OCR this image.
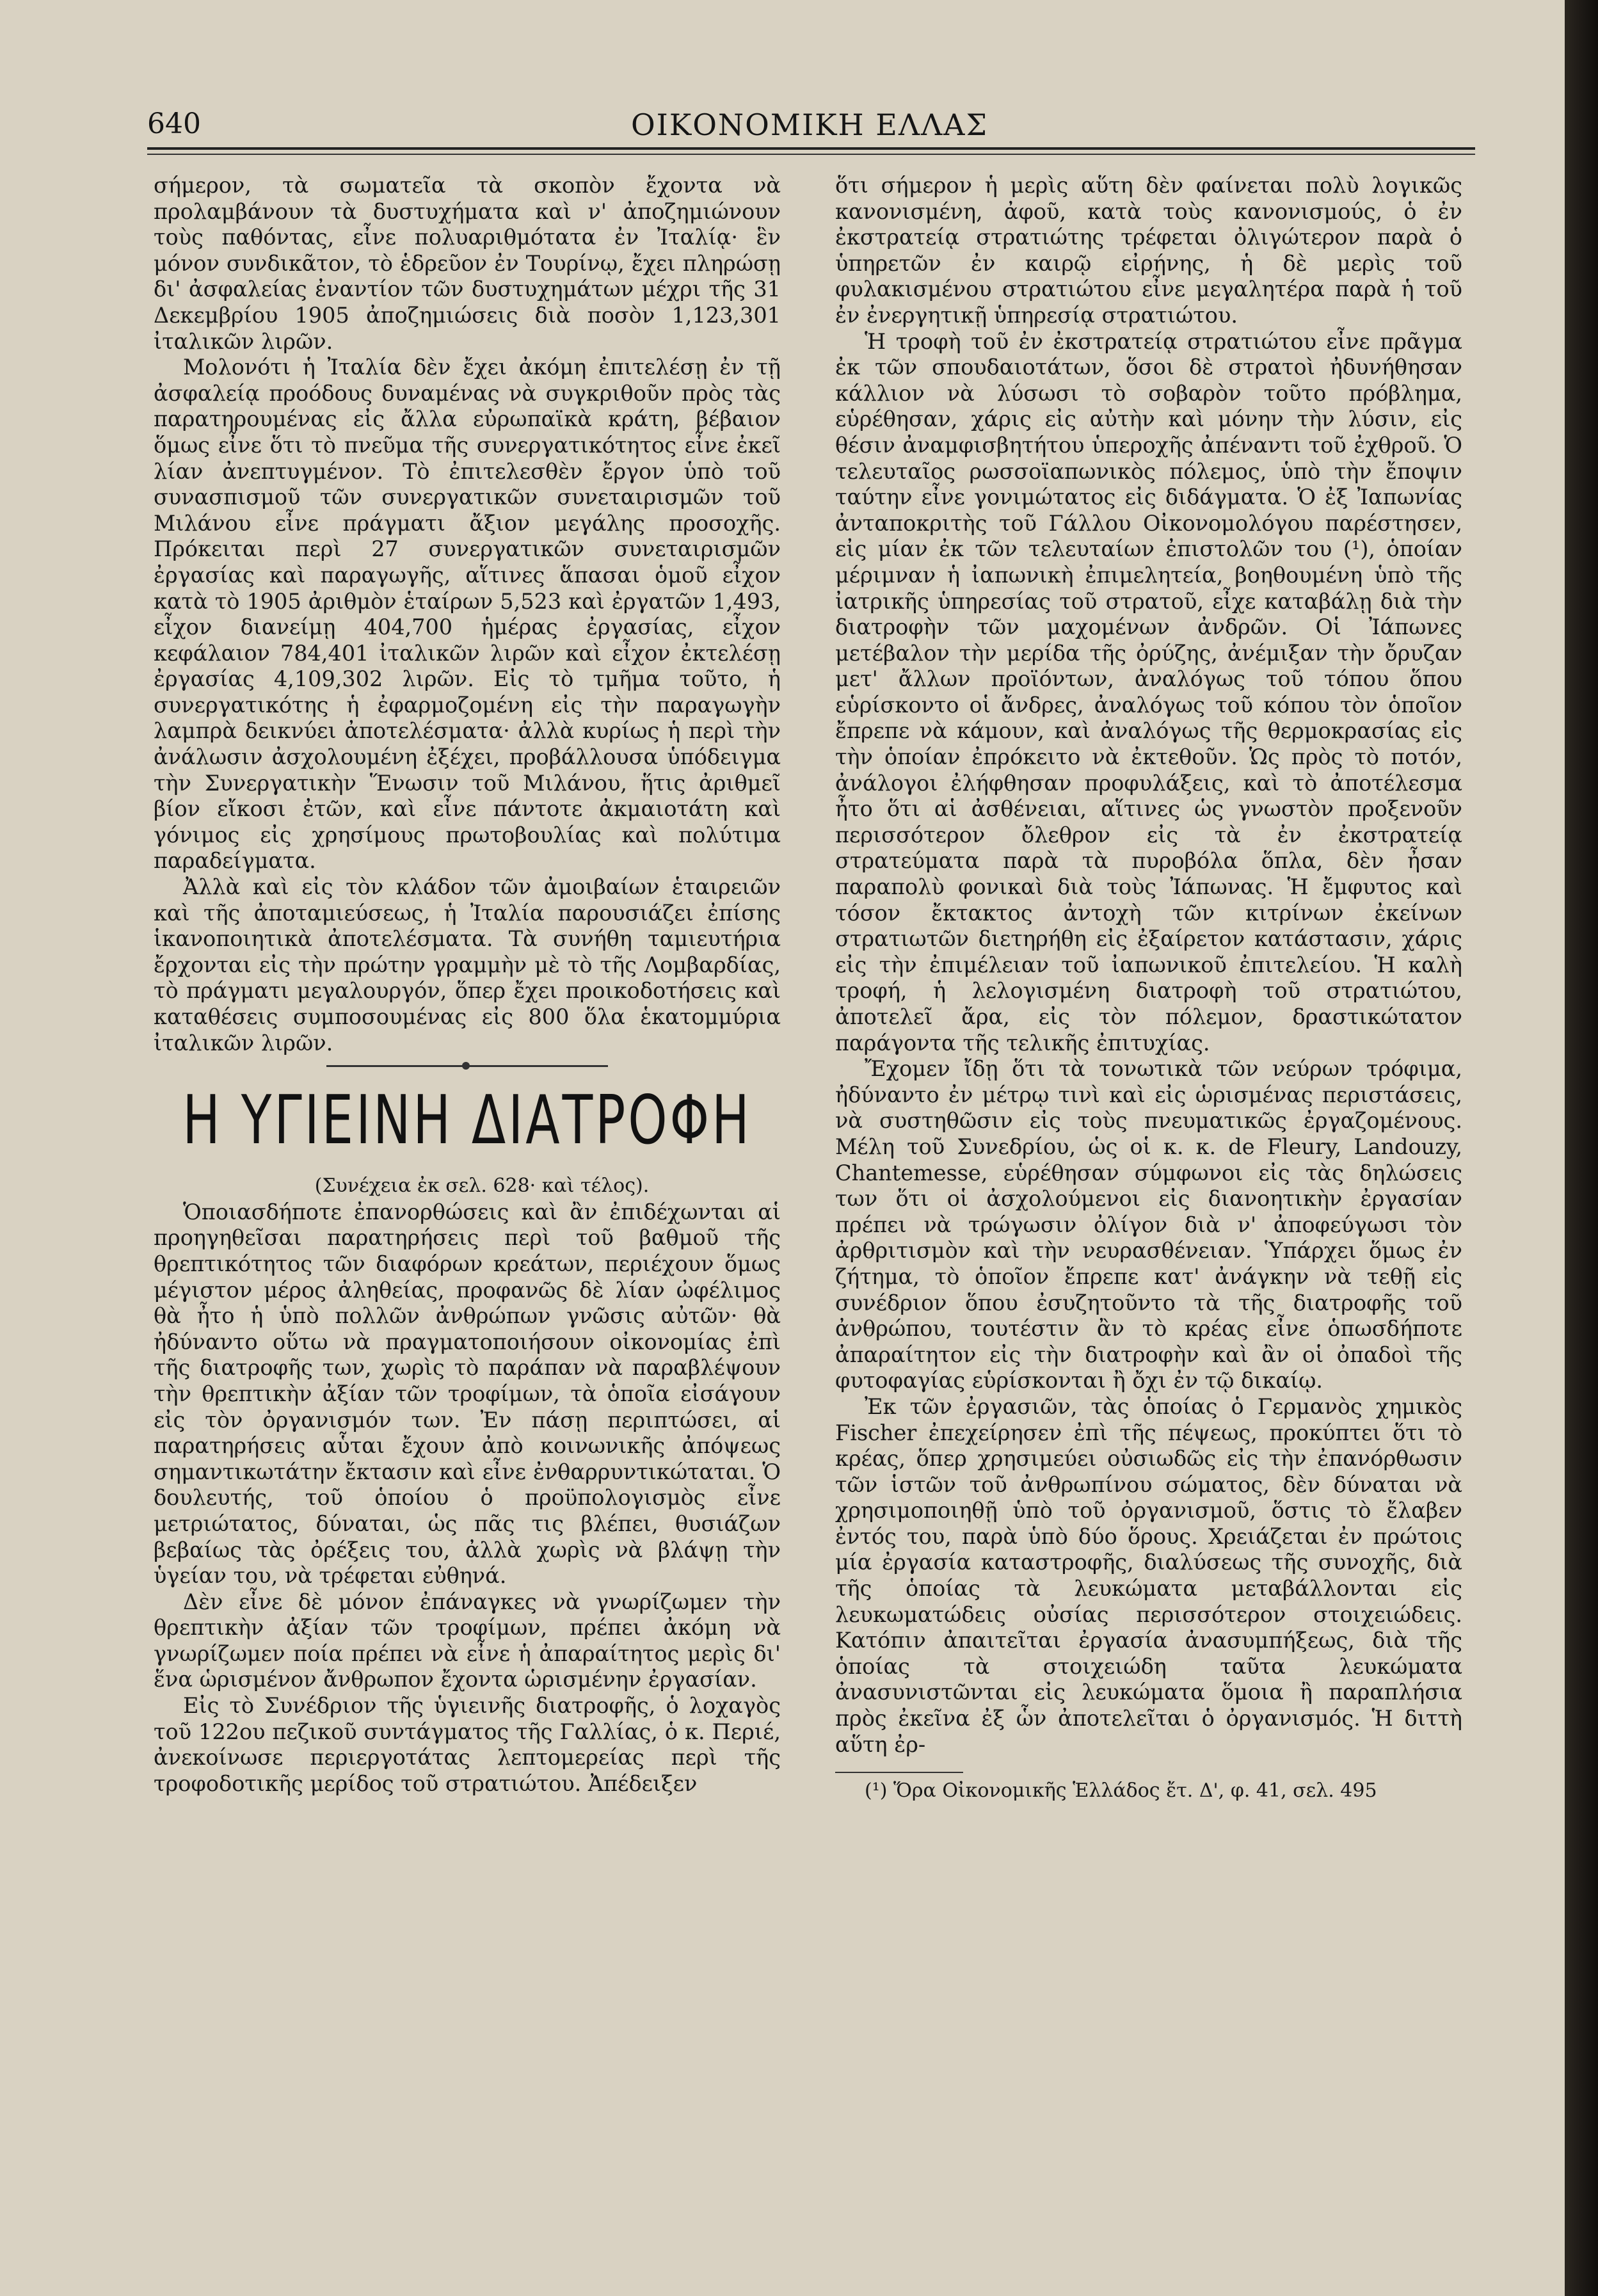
640	ΟΙΚΟΝΟΜΙΚΗ ΕΛΛΑΣ

σήμερον, τὰ σωματεῖα τὰ σκοπὸν ἔχοντα νὰ προλαμβάνουν τὰ δυστυχήματα καὶ ν' ἀποζημιώνουν τοὺς παθόντας, εἶνε πολυαριθμότατα ἐν Ἰταλίᾳ· ἓν μόνον συνδικᾶτον, τὸ ἑδρεῦον ἐν Τουρίνῳ, ἔχει πληρώσῃ δι' ἀσφαλείας ἐναντίον τῶν δυστυχημάτων μέχρι τῆς 31 Δεκεμβρίου 1905 ἀποζημιώσεις διὰ ποσὸν 1,123,301 ἰταλικῶν λιρῶν.

Μολονότι ἡ Ἰταλία δὲν ἔχει ἀκόμη ἐπιτελέσῃ ἐν τῇ ἀσφαλείᾳ προόδους δυναμένας νὰ συγκριθοῦν πρὸς τὰς παρατηρουμένας εἰς ἄλλα εὐρωπαϊκὰ κράτη, βέβαιον ὅμως εἶνε ὅτι τὸ πνεῦμα τῆς συνεργατικότητος εἶνε ἐκεῖ λίαν ἀνεπτυγμένον. Τὸ ἐπιτελεσθὲν ἔργον ὑπὸ τοῦ συνασπισμοῦ τῶν συνεργατικῶν συνεταιρισμῶν τοῦ Μιλάνου εἶνε πράγματι ἄξιον μεγάλης προσοχῆς. Πρόκειται περὶ 27 συνεργατικῶν συνεταιρισμῶν ἐργασίας καὶ παραγωγῆς, αἵτινες ἅπασαι ὁμοῦ εἶχον κατὰ τὸ 1905 ἀριθμὸν ἑταίρων 5,523 καὶ ἐργατῶν 1,493, εἶχον διανείμῃ 404,700 ἡμέρας ἐργασίας, εἶχον κεφάλαιον 784,401 ἰταλικῶν λιρῶν καὶ εἶχον ἐκτελέσῃ ἐργασίας 4,109,302 λιρῶν. Εἰς τὸ τμῆμα τοῦτο, ἡ συνεργατικότης ἡ ἐφαρμοζομένη εἰς τὴν παραγωγὴν λαμπρὰ δεικνύει ἀποτελέσματα· ἀλλὰ κυρίως ἡ περὶ τὴν ἀνάλωσιν ἀσχολουμένη ἐξέχει, προβάλλουσα ὑπόδειγμα τὴν Συνεργατικὴν Ἕνωσιν τοῦ Μιλάνου, ἥτις ἀριθμεῖ βίον εἴκοσι ἐτῶν, καὶ εἶνε πάντοτε ἀκμαιοτάτη καὶ γόνιμος εἰς χρησίμους πρωτοβουλίας καὶ πολύτιμα παραδείγματα.

Ἀλλὰ καὶ εἰς τὸν κλάδον τῶν ἀμοιβαίων ἑταιρειῶν καὶ τῆς ἀποταμιεύσεως, ἡ Ἰταλία παρουσιάζει ἐπίσης ἱκανοποιητικὰ ἀποτελέσματα. Τὰ συνήθη ταμιευτήρια ἔρχονται εἰς τὴν πρώτην γραμμὴν μὲ τὸ τῆς Λομβαρδίας, τὸ πράγματι μεγαλουργόν, ὅπερ ἔχει προικοδοτήσεις καὶ καταθέσεις συμποσουμένας εἰς 800 ὅλα ἑκατομμύρια ἰταλικῶν λιρῶν.

Η ΥΓΙΕΙΝΗ ΔΙΑΤΡΟΦΗ

(Συνέχεια ἐκ σελ. 628· καὶ τέλος).

Ὁποιασδήποτε ἐπανορθώσεις καὶ ἂν ἐπιδέχωνται αἱ προηγηθεῖσαι παρατηρήσεις περὶ τοῦ βαθμοῦ τῆς θρεπτικότητος τῶν διαφόρων κρεάτων, περιέχουν ὅμως μέγιστον μέρος ἀληθείας, προφανῶς δὲ λίαν ὠφέλιμος θὰ ἦτο ἡ ὑπὸ πολλῶν ἀνθρώπων γνῶσις αὐτῶν· θὰ ἠδύναντο οὕτω νὰ πραγματοποιήσουν οἰκονομίας ἐπὶ τῆς διατροφῆς των, χωρὶς τὸ παράπαν νὰ παραβλέψουν τὴν θρεπτικὴν ἀξίαν τῶν τροφίμων, τὰ ὁποῖα εἰσάγουν εἰς τὸν ὀργανισμόν των. Ἐν πάσῃ περιπτώσει, αἱ παρατηρήσεις αὗται ἔχουν ἀπὸ κοινωνικῆς ἀπόψεως σημαντικωτάτην ἔκτασιν καὶ εἶνε ἐνθαρρυντικώταται. Ὁ δουλευτής, τοῦ ὁποίου ὁ προϋπολογισμὸς εἶνε μετριώτατος, δύναται, ὡς πᾶς τις βλέπει, θυσιάζων βεβαίως τὰς ὀρέξεις του, ἀλλὰ χωρὶς νὰ βλάψῃ τὴν ὑγείαν του, νὰ τρέφεται εὐθηνά.

Δὲν εἶνε δὲ μόνον ἐπάναγκες νὰ γνωρίζωμεν τὴν θρεπτικὴν ἀξίαν τῶν τροφίμων, πρέπει ἀκόμη νὰ γνωρίζωμεν ποία πρέπει νὰ εἶνε ἡ ἀπαραίτητος μερὶς δι' ἕνα ὡρισμένον ἄνθρωπον ἔχοντα ὡρισμένην ἐργασίαν.

Εἰς τὸ Συνέδριον τῆς ὑγιεινῆς διατροφῆς, ὁ λοχαγὸς τοῦ 122ου πεζικοῦ συντάγματος τῆς Γαλλίας, ὁ κ. Περιέ, ἀνεκοίνωσε περιεργοτάτας λεπτομερείας περὶ τῆς τροφοδοτικῆς μερίδος τοῦ στρατιώτου. Ἀπέδειξεν

ὅτι σήμερον ἡ μερὶς αὕτη δὲν φαίνεται πολὺ λογικῶς κανονισμένη, ἀφοῦ, κατὰ τοὺς κανονισμούς, ὁ ἐν ἐκστρατείᾳ στρατιώτης τρέφεται ὀλιγώτερον παρὰ ὁ ὑπηρετῶν ἐν καιρῷ εἰρήνης, ἡ δὲ μερὶς τοῦ φυλακισμένου στρατιώτου εἶνε μεγαλητέρα παρὰ ἡ τοῦ ἐν ἐνεργητικῇ ὑπηρεσίᾳ στρατιώτου.

Ἡ τροφὴ τοῦ ἐν ἐκστρατείᾳ στρατιώτου εἶνε πρᾶγμα ἐκ τῶν σπουδαιοτάτων, ὅσοι δὲ στρατοὶ ἠδυνήθησαν κάλλιον νὰ λύσωσι τὸ σοβαρὸν τοῦτο πρόβλημα, εὑρέθησαν, χάρις εἰς αὐτὴν καὶ μόνην τὴν λύσιν, εἰς θέσιν ἀναμφισβητήτου ὑπεροχῆς ἀπέναντι τοῦ ἐχθροῦ. Ὁ τελευταῖος ρωσσοϊαπωνικὸς πόλεμος, ὑπὸ τὴν ἔποψιν ταύτην εἶνε γονιμώτατος εἰς διδάγματα. Ὁ ἐξ Ἰαπωνίας ἀνταποκριτὴς τοῦ Γάλλου Οἰκονομολόγου παρέστησεν, εἰς μίαν ἐκ τῶν τελευταίων ἐπιστολῶν του (¹), ὁποίαν μέριμναν ἡ ἰαπωνικὴ ἐπιμελητεία, βοηθουμένη ὑπὸ τῆς ἰατρικῆς ὑπηρεσίας τοῦ στρατοῦ, εἶχε καταβάλῃ διὰ τὴν διατροφὴν τῶν μαχομένων ἀνδρῶν. Οἱ Ἰάπωνες μετέβαλον τὴν μερίδα τῆς ὀρύζης, ἀνέμιξαν τὴν ὄρυζαν μετ' ἄλλων προϊόντων, ἀναλόγως τοῦ τόπου ὅπου εὑρίσκοντο οἱ ἄνδρες, ἀναλόγως τοῦ κόπου τὸν ὁποῖον ἔπρεπε νὰ κάμουν, καὶ ἀναλόγως τῆς θερμοκρασίας εἰς τὴν ὁποίαν ἐπρόκειτο νὰ ἐκτεθοῦν. Ὡς πρὸς τὸ ποτόν, ἀνάλογοι ἐλήφθησαν προφυλάξεις, καὶ τὸ ἀποτέλεσμα ἦτο ὅτι αἱ ἀσθένειαι, αἵτινες ὡς γνωστὸν προξενοῦν περισσότερον ὄλεθρον εἰς τὰ ἐν ἐκστρατείᾳ στρατεύματα παρὰ τὰ πυροβόλα ὅπλα, δὲν ἦσαν παραπολὺ φονικαὶ διὰ τοὺς Ἰάπωνας. Ἡ ἔμφυτος καὶ τόσον ἔκτακτος ἀντοχὴ τῶν κιτρίνων ἐκείνων στρατιωτῶν διετηρήθη εἰς ἐξαίρετον κατάστασιν, χάρις εἰς τὴν ἐπιμέλειαν τοῦ ἰαπωνικοῦ ἐπιτελείου. Ἡ καλὴ τροφή, ἡ λελογισμένη διατροφὴ τοῦ στρατιώτου, ἀποτελεῖ ἄρα, εἰς τὸν πόλεμον, δραστικώτατον παράγοντα τῆς τελικῆς ἐπιτυχίας.

Ἔχομεν ἴδῃ ὅτι τὰ τονωτικὰ τῶν νεύρων τρόφιμα, ἠδύναντο ἐν μέτρῳ τινὶ καὶ εἰς ὡρισμένας περιστάσεις, νὰ συστηθῶσιν εἰς τοὺς πνευματικῶς ἐργαζομένους. Μέλη τοῦ Συνεδρίου, ὡς οἱ κ. κ. de Fleury, Landouzy, Chantemesse, εὑρέθησαν σύμφωνοι εἰς τὰς δηλώσεις των ὅτι οἱ ἀσχολούμενοι εἰς διανοητικὴν ἐργασίαν πρέπει νὰ τρώγωσιν ὀλίγον διὰ ν' ἀποφεύγωσι τὸν ἀρθριτισμὸν καὶ τὴν νευρασθένειαν. Ὑπάρχει ὅμως ἐν ζήτημα, τὸ ὁποῖον ἔπρεπε κατ' ἀνάγκην νὰ τεθῇ εἰς συνέδριον ὅπου ἐσυζητοῦντο τὰ τῆς διατροφῆς τοῦ ἀνθρώπου, τουτέστιν ἂν τὸ κρέας εἶνε ὁπωσδήποτε ἀπαραίτητον εἰς τὴν διατροφὴν καὶ ἂν οἱ ὀπαδοὶ τῆς φυτοφαγίας εὑρίσκονται ἢ ὄχι ἐν τῷ δικαίῳ.

Ἐκ τῶν ἐργασιῶν, τὰς ὁποίας ὁ Γερμανὸς χημικὸς Fischer ἐπεχείρησεν ἐπὶ τῆς πέψεως, προκύπτει ὅτι τὸ κρέας, ὅπερ χρησιμεύει οὐσιωδῶς εἰς τὴν ἐπανόρθωσιν τῶν ἱστῶν τοῦ ἀνθρωπίνου σώματος, δὲν δύναται νὰ χρησιμοποιηθῇ ὑπὸ τοῦ ὀργανισμοῦ, ὅστις τὸ ἔλαβεν ἐντός του, παρὰ ὑπὸ δύο ὅρους. Χρειάζεται ἐν πρώτοις μία ἐργασία καταστροφῆς, διαλύσεως τῆς συνοχῆς, διὰ τῆς ὁποίας τὰ λευκώματα μεταβάλλονται εἰς λευκωματώδεις οὐσίας περισσότερον στοιχειώδεις. Κατόπιν ἀπαιτεῖται ἐργασία ἀνασυμπήξεως, διὰ τῆς ὁποίας τὰ στοιχειώδη ταῦτα λευκώματα ἀνασυνιστῶνται εἰς λευκώματα ὅμοια ἢ παραπλήσια πρὸς ἐκεῖνα ἐξ ὧν ἀποτελεῖται ὁ ὀργανισμός. Ἡ διττὴ αὕτη ἐρ-

(¹) Ὅρα Οἰκονομικῆς Ἑλλάδος ἔτ. Δ', φ. 41, σελ. 495
